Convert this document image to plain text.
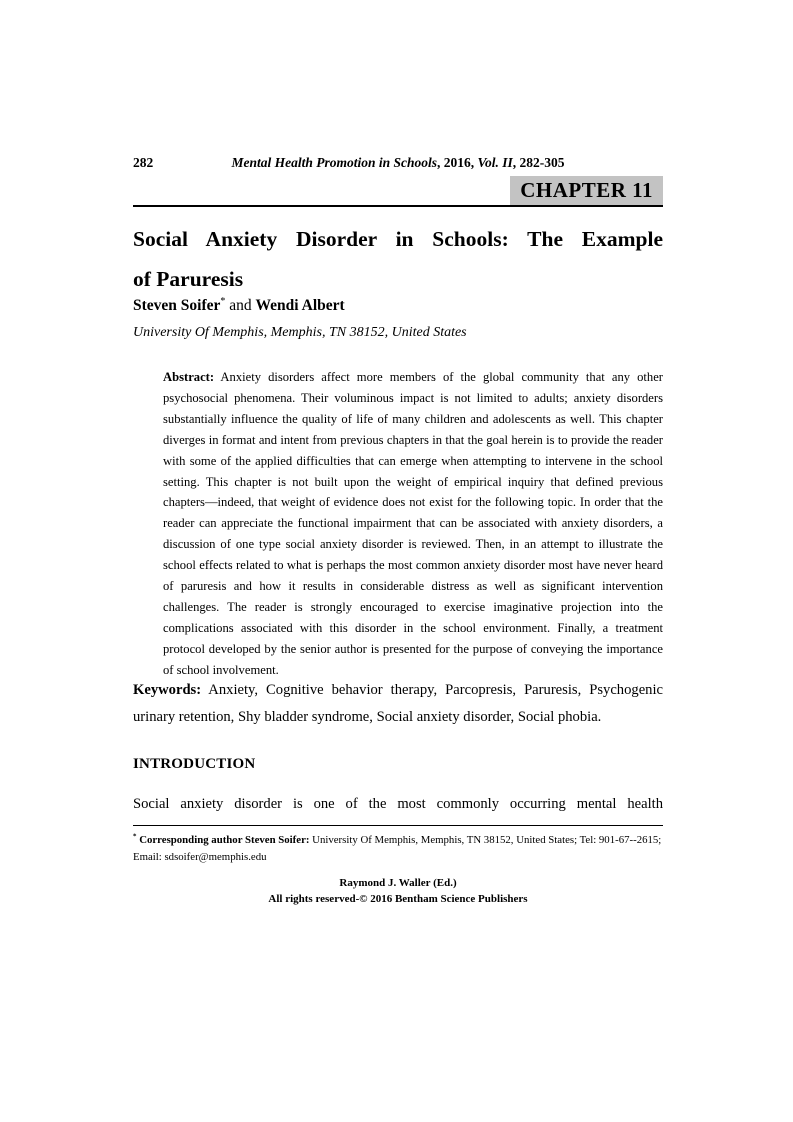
282	Mental Health Promotion in Schools, 2016, Vol. II, 282-305
CHAPTER 11
Social Anxiety Disorder in Schools: The Example
of Paruresis

Steven Soifer* and Wendi Albert

University Of Memphis, Memphis, TN 38152, United States

Abstract: Anxiety disorders affect more members of the global community that any other psychosocial phenomena. Their voluminous impact is not limited to adults; anxiety disorders substantially influence the quality of life of many children and adolescents as well. This chapter diverges in format and intent from previous chapters in that the goal herein is to provide the reader with some of the applied difficulties that can emerge when attempting to intervene in the school setting. This chapter is not built upon the weight of empirical inquiry that defined previous chapters—indeed, that weight of evidence does not exist for the following topic. In order that the reader can appreciate the functional impairment that can be associated with anxiety disorders, a discussion of one type social anxiety disorder is reviewed. Then, in an attempt to illustrate the school effects related to what is perhaps the most common anxiety disorder most have never heard of paruresis and how it results in considerable distress as well as significant intervention challenges. The reader is strongly encouraged to exercise imaginative projection into the complications associated with this disorder in the school environment. Finally, a treatment protocol developed by the senior author is presented for the purpose of conveying the importance of school involvement.

Keywords: Anxiety, Cognitive behavior therapy, Parcopresis, Paruresis, Psychogenic urinary retention, Shy bladder syndrome, Social anxiety disorder, Social phobia.

INTRODUCTION

Social anxiety disorder is one of the most commonly occurring mental health

* Corresponding author Steven Soifer: University Of Memphis, Memphis, TN 38152, United States; Tel: 901-67--2615; Email: sdsoifer@memphis.edu

Raymond J. Waller (Ed.)
All rights reserved-© 2016 Bentham Science Publishers
